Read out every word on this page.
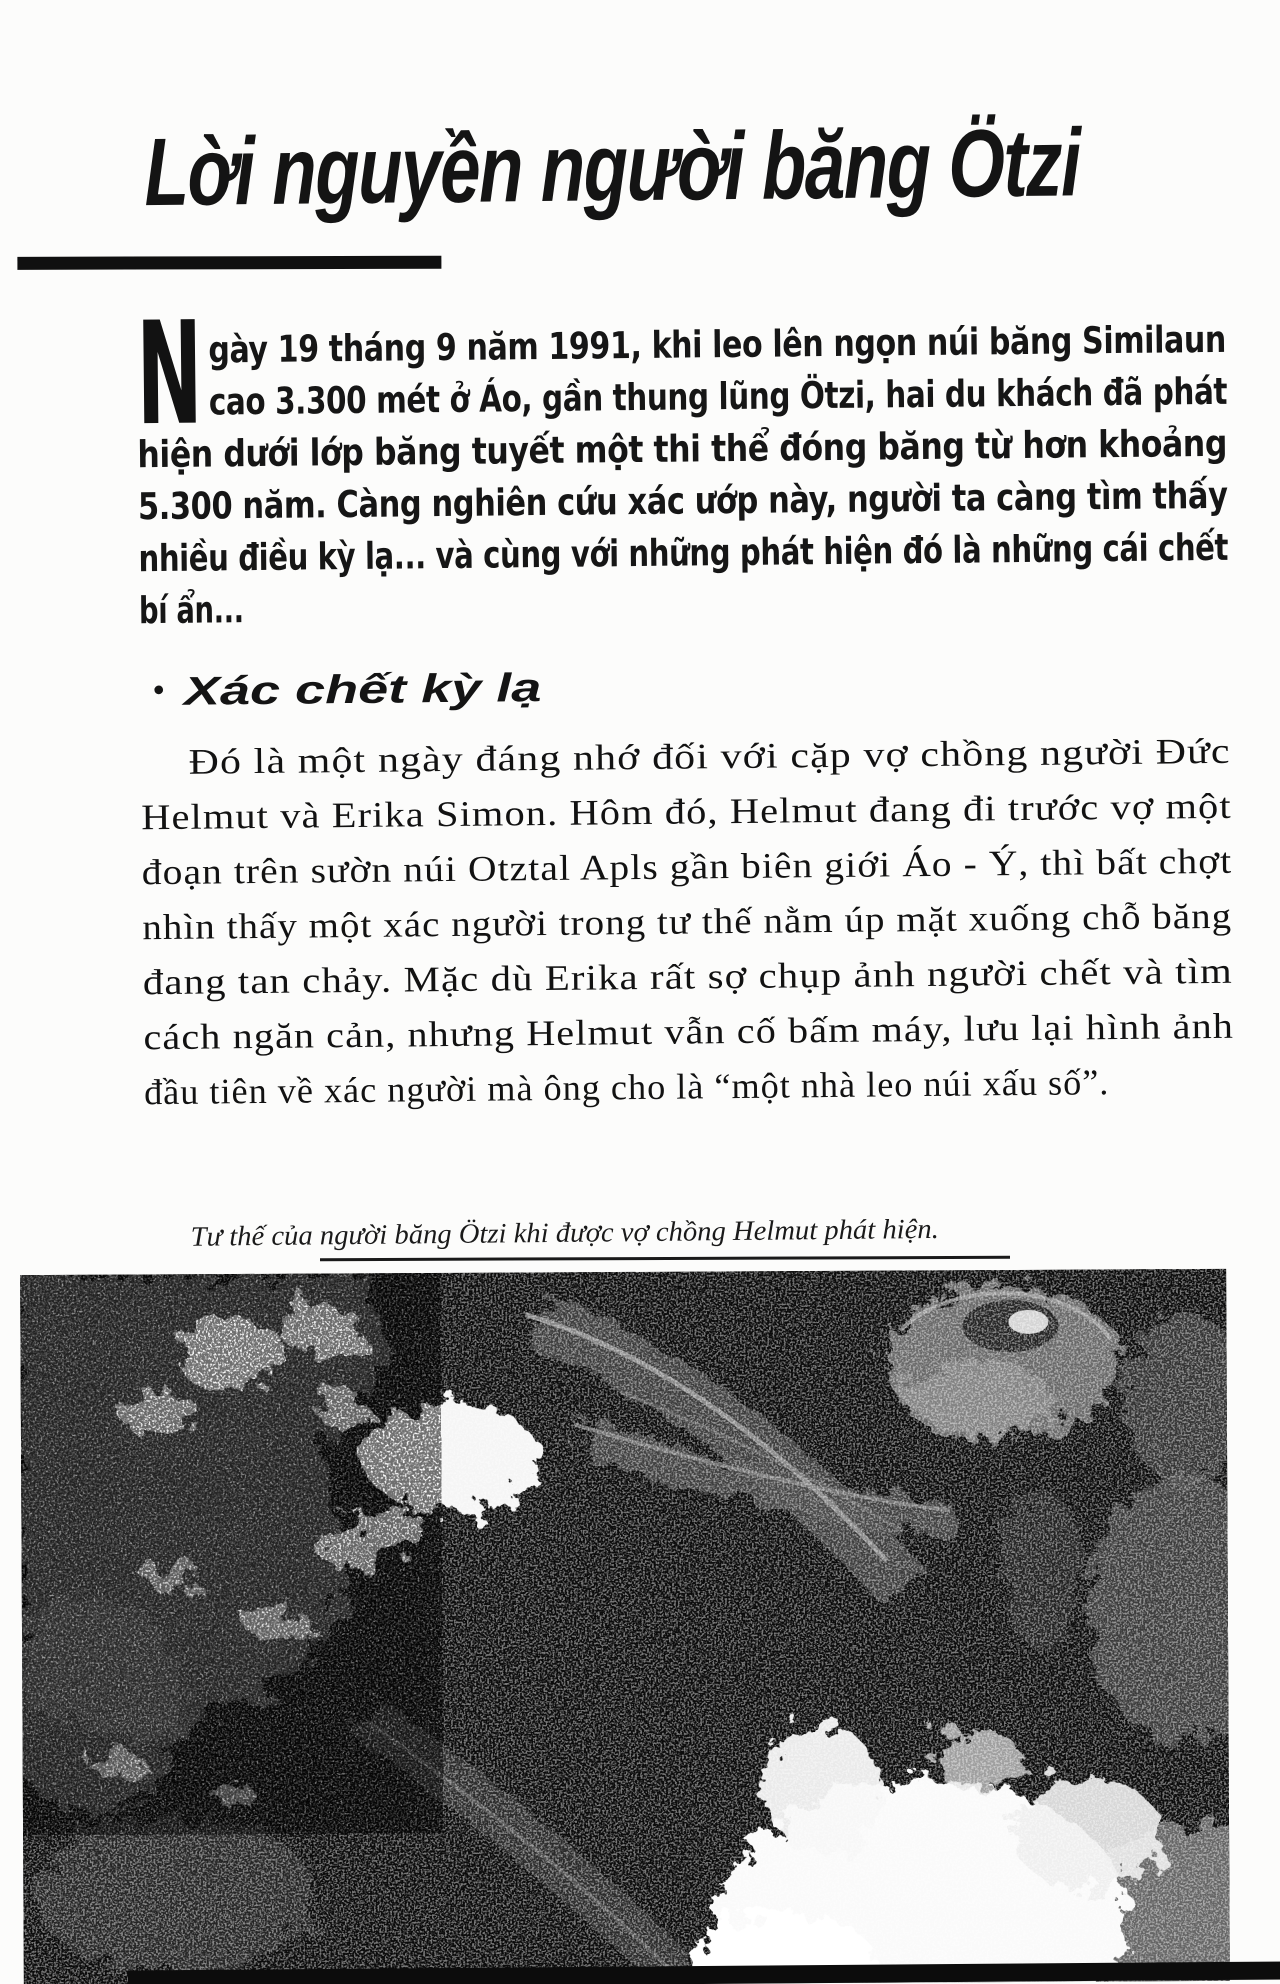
Lời nguyền người băng Ötzi
N gày 19 tháng 9 năm 1991, khi leo lên ngọn núi băng Similaun
cao 3.300 mét ở Áo, gần thung lũng Ötzi, hai du khách đã phát
hiện dưới lớp băng tuyết một thi thể đóng băng từ hơn khoảng
5.300 năm. Càng nghiên cứu xác ướp này, người ta càng tìm thấy
nhiều điều kỳ lạ... và cùng với những phát hiện đó là những cái chết
bí ẩn...
• Xác chết kỳ lạ
Đó là một ngày đáng nhớ đối với cặp vợ chồng người Đức
Helmut và Erika Simon. Hôm đó, Helmut đang đi trước vợ một
đoạn trên sườn núi Otztal Apls gần biên giới Áo - Ý, thì bất chợt
nhìn thấy một xác người trong tư thế nằm úp mặt xuống chỗ băng
đang tan chảy. Mặc dù Erika rất sợ chụp ảnh người chết và tìm
cách ngăn cản, nhưng Helmut vẫn cố bấm máy, lưu lại hình ảnh
đầu tiên về xác người mà ông cho là “một nhà leo núi xấu số”.
Tư thế của người băng Ötzi khi được vợ chồng Helmut phát hiện.
